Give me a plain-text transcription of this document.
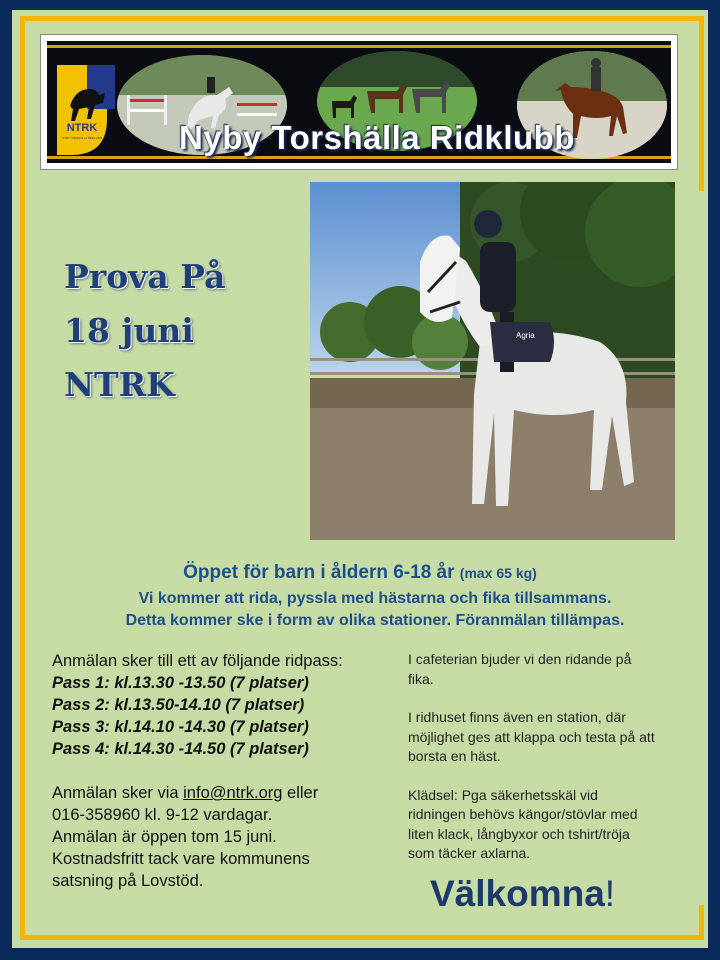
NTRK
NYBY TORSHÄLLA RIDKLUBB	Nyby Torshälla Ridklubb
Prova På
18 juni
NTRK
Agria
Öppet för barn i åldern 6-18 år (max 65 kg)
Vi kommer att rida, pyssla med hästarna och fika tillsammans.
Detta kommer ske i form av olika stationer. Föranmälan tillämpas.
Anmälan sker till ett av följande ridpass:
Pass 1: kl.13.30 -13.50 (7 platser)
Pass 2: kl.13.50-14.10 (7 platser)
Pass 3: kl.14.10 -14.30 (7 platser)
Pass 4: kl.14.30 -14.50 (7 platser)
Anmälan sker via info@ntrk.org eller
016-358960 kl. 9-12 vardagar.
Anmälan är öppen tom 15 juni.
Kostnadsfritt tack vare kommunens
satsning på Lovstöd.

I cafeterian bjuder vi den ridande på fika.

I ridhuset finns även en station, där möjlighet ges att klappa och testa på att borsta en häst.

Klädsel: Pga säkerhetsskäl vid ridningen behövs kängor/stövlar med liten klack, långbyxor och tshirt/tröja som täcker axlarna.

Välkomna!
